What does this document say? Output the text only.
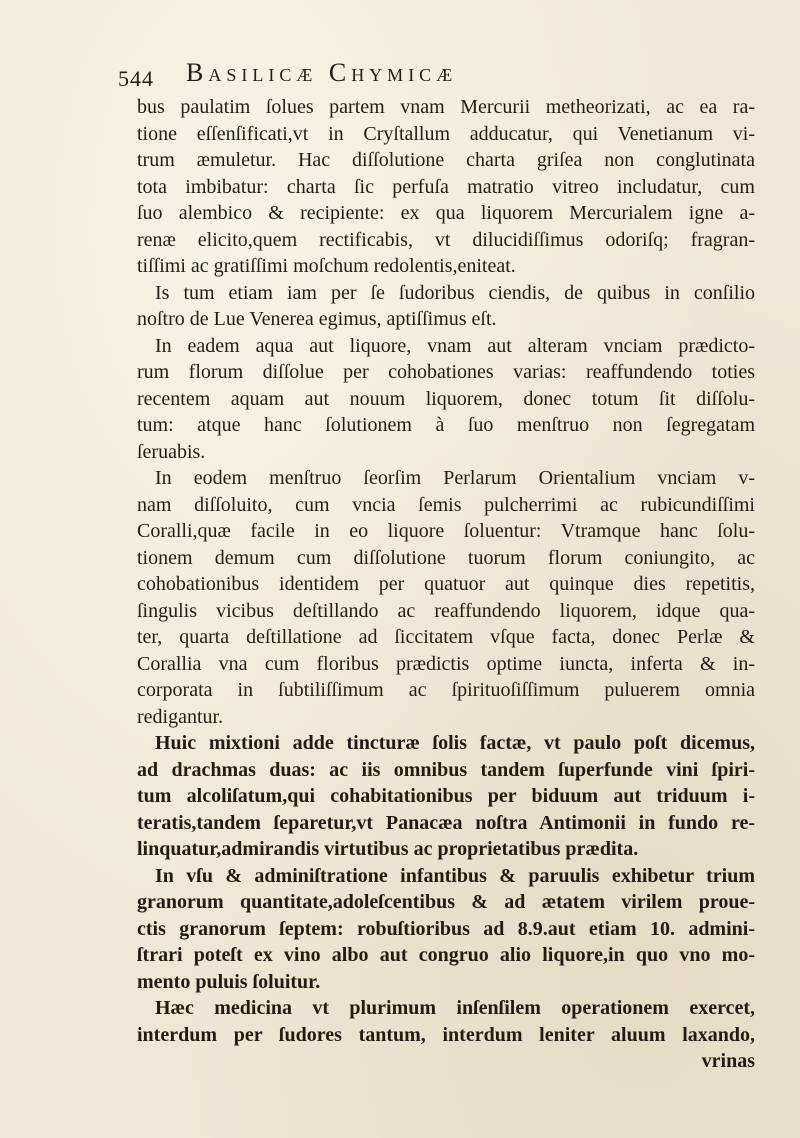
544 Basilicæ Chymicæ
bus paulatim ſolues partem vnam Mercurii metheorizati, ac ea ra-
tione eſſenſificati,vt in Cryſtallum adducatur, qui Venetianum vi-
trum æmuletur. Hac diſſolutione charta griſea non conglutinata
tota imbibatur: charta ſic perfuſa matratio vitreo includatur, cum
ſuo alembico & recipiente: ex qua liquorem Mercurialem igne a-
renæ elicito,quem rectificabis, vt dilucidiſſimus odoriſq; fragran-
tiſſimi ac gratiſſimi moſchum redolentis,eniteat.
Is tum etiam iam per ſe ſudoribus ciendis, de quibus in conſilio
noſtro de Lue Venerea egimus, aptiſſimus eſt.
In eadem aqua aut liquore, vnam aut alteram vnciam prædicto-
rum florum diſſolue per cohobationes varias: reaffundendo toties
recentem aquam aut nouum liquorem, donec totum ſit diſſolu-
tum: atque hanc ſolutionem à ſuo menſtruo non ſegregatam
ſeruabis.
In eodem menſtruo ſeorſim Perlarum Orientalium vnciam v-
nam diſſoluito, cum vncia ſemis pulcherrimi ac rubicundiſſimi
Coralli,quæ facile in eo liquore ſoluentur: Vtramque hanc ſolu-
tionem demum cum diſſolutione tuorum florum coniungito, ac
cohobationibus identidem per quatuor aut quinque dies repetitis,
ſingulis vicibus deſtillando ac reaffundendo liquorem, idque qua-
ter, quarta deſtillatione ad ſiccitatem vſque facta, donec Perlæ &
Corallia vna cum floribus prædictis optime iuncta, inferta & in-
corporata in ſubtiliſſimum ac ſpirituoſiſſimum puluerem omnia
redigantur.
Huic mixtioni adde tincturæ ſolis factæ, vt paulo poſt dicemus,
ad drachmas duas: ac iis omnibus tandem ſuperfunde vini ſpiri-
tum alcoliſatum,qui cohabitationibus per biduum aut triduum i-
teratis,tandem ſeparetur,vt Panacæa noſtra Antimonii in fundo re-
linquatur,admirandis virtutibus ac proprietatibus prædita.
In vſu & adminiſtratione infantibus & paruulis exhibetur trium
granorum quantitate,adoleſcentibus & ad ætatem virilem proue-
ctis granorum ſeptem: robuſtioribus ad 8.9.aut etiam 10. admini-
ſtrari poteſt ex vino albo aut congruo alio liquore,in quo vno mo-
mento puluis ſoluitur.
Hæc medicina vt plurimum inſenſilem operationem exercet,
interdum per ſudores tantum, interdum leniter aluum laxando,
vrinas
